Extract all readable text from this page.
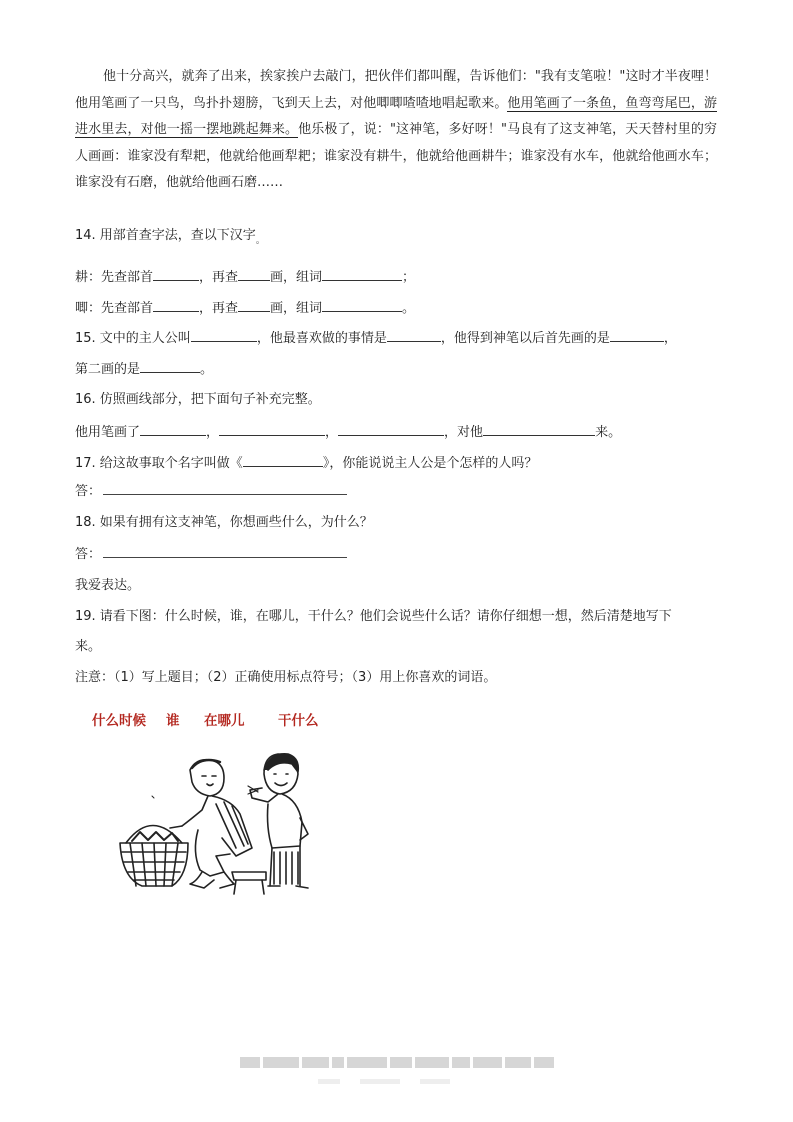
他十分高兴，就奔了出来，挨家挨户去敲门，把伙伴们都叫醒，告诉他们："我有支笔啦！"这时才半夜哩！他用笔画了一只鸟，鸟扑扑翅膀，飞到天上去，对他唧唧喳喳地唱起歌来。他用笔画了一条鱼，鱼弯弯尾巴，游进水里去，对他一摇一摆地跳起舞来。他乐极了，说："这神笔，多好呀！"马良有了这支神笔，天天替村里的穷人画画：谁家没有犁耙，他就给他画犁耙；谁家没有耕牛，他就给他画耕牛；谁家没有水车，他就给他画水车；谁家没有石磨，他就给他画石磨……

14. 用部首查字法，查以下汉字$_。$
耕：先查部首	，再查 画，组词	；
唧：先查部首	，再查 画，组词	。
15. 文中的主人公叫	，他最喜欢做的事情是	，他得到神笔以后首先画的是	，
第二画的是	。
16. 仿照画线部分，把下面句子补充完整。
他用笔画了	，	，	，对他	来。
17. 给这故事取个名字叫做《	》，你能说说主人公是个怎样的人吗？
答：
18. 如果有拥有这支神笔，你想画些什么，为什么？
答：
我爱表达。
19. 请看下图：什么时候，谁，在哪儿，干什么？他们会说些什么话？请你仔细想一想，然后清楚地写下
来。
注意：（1）写上题目；（2）正确使用标点符号；（3）用上你喜欢的词语。
什么时候 谁 在哪儿 干什么
